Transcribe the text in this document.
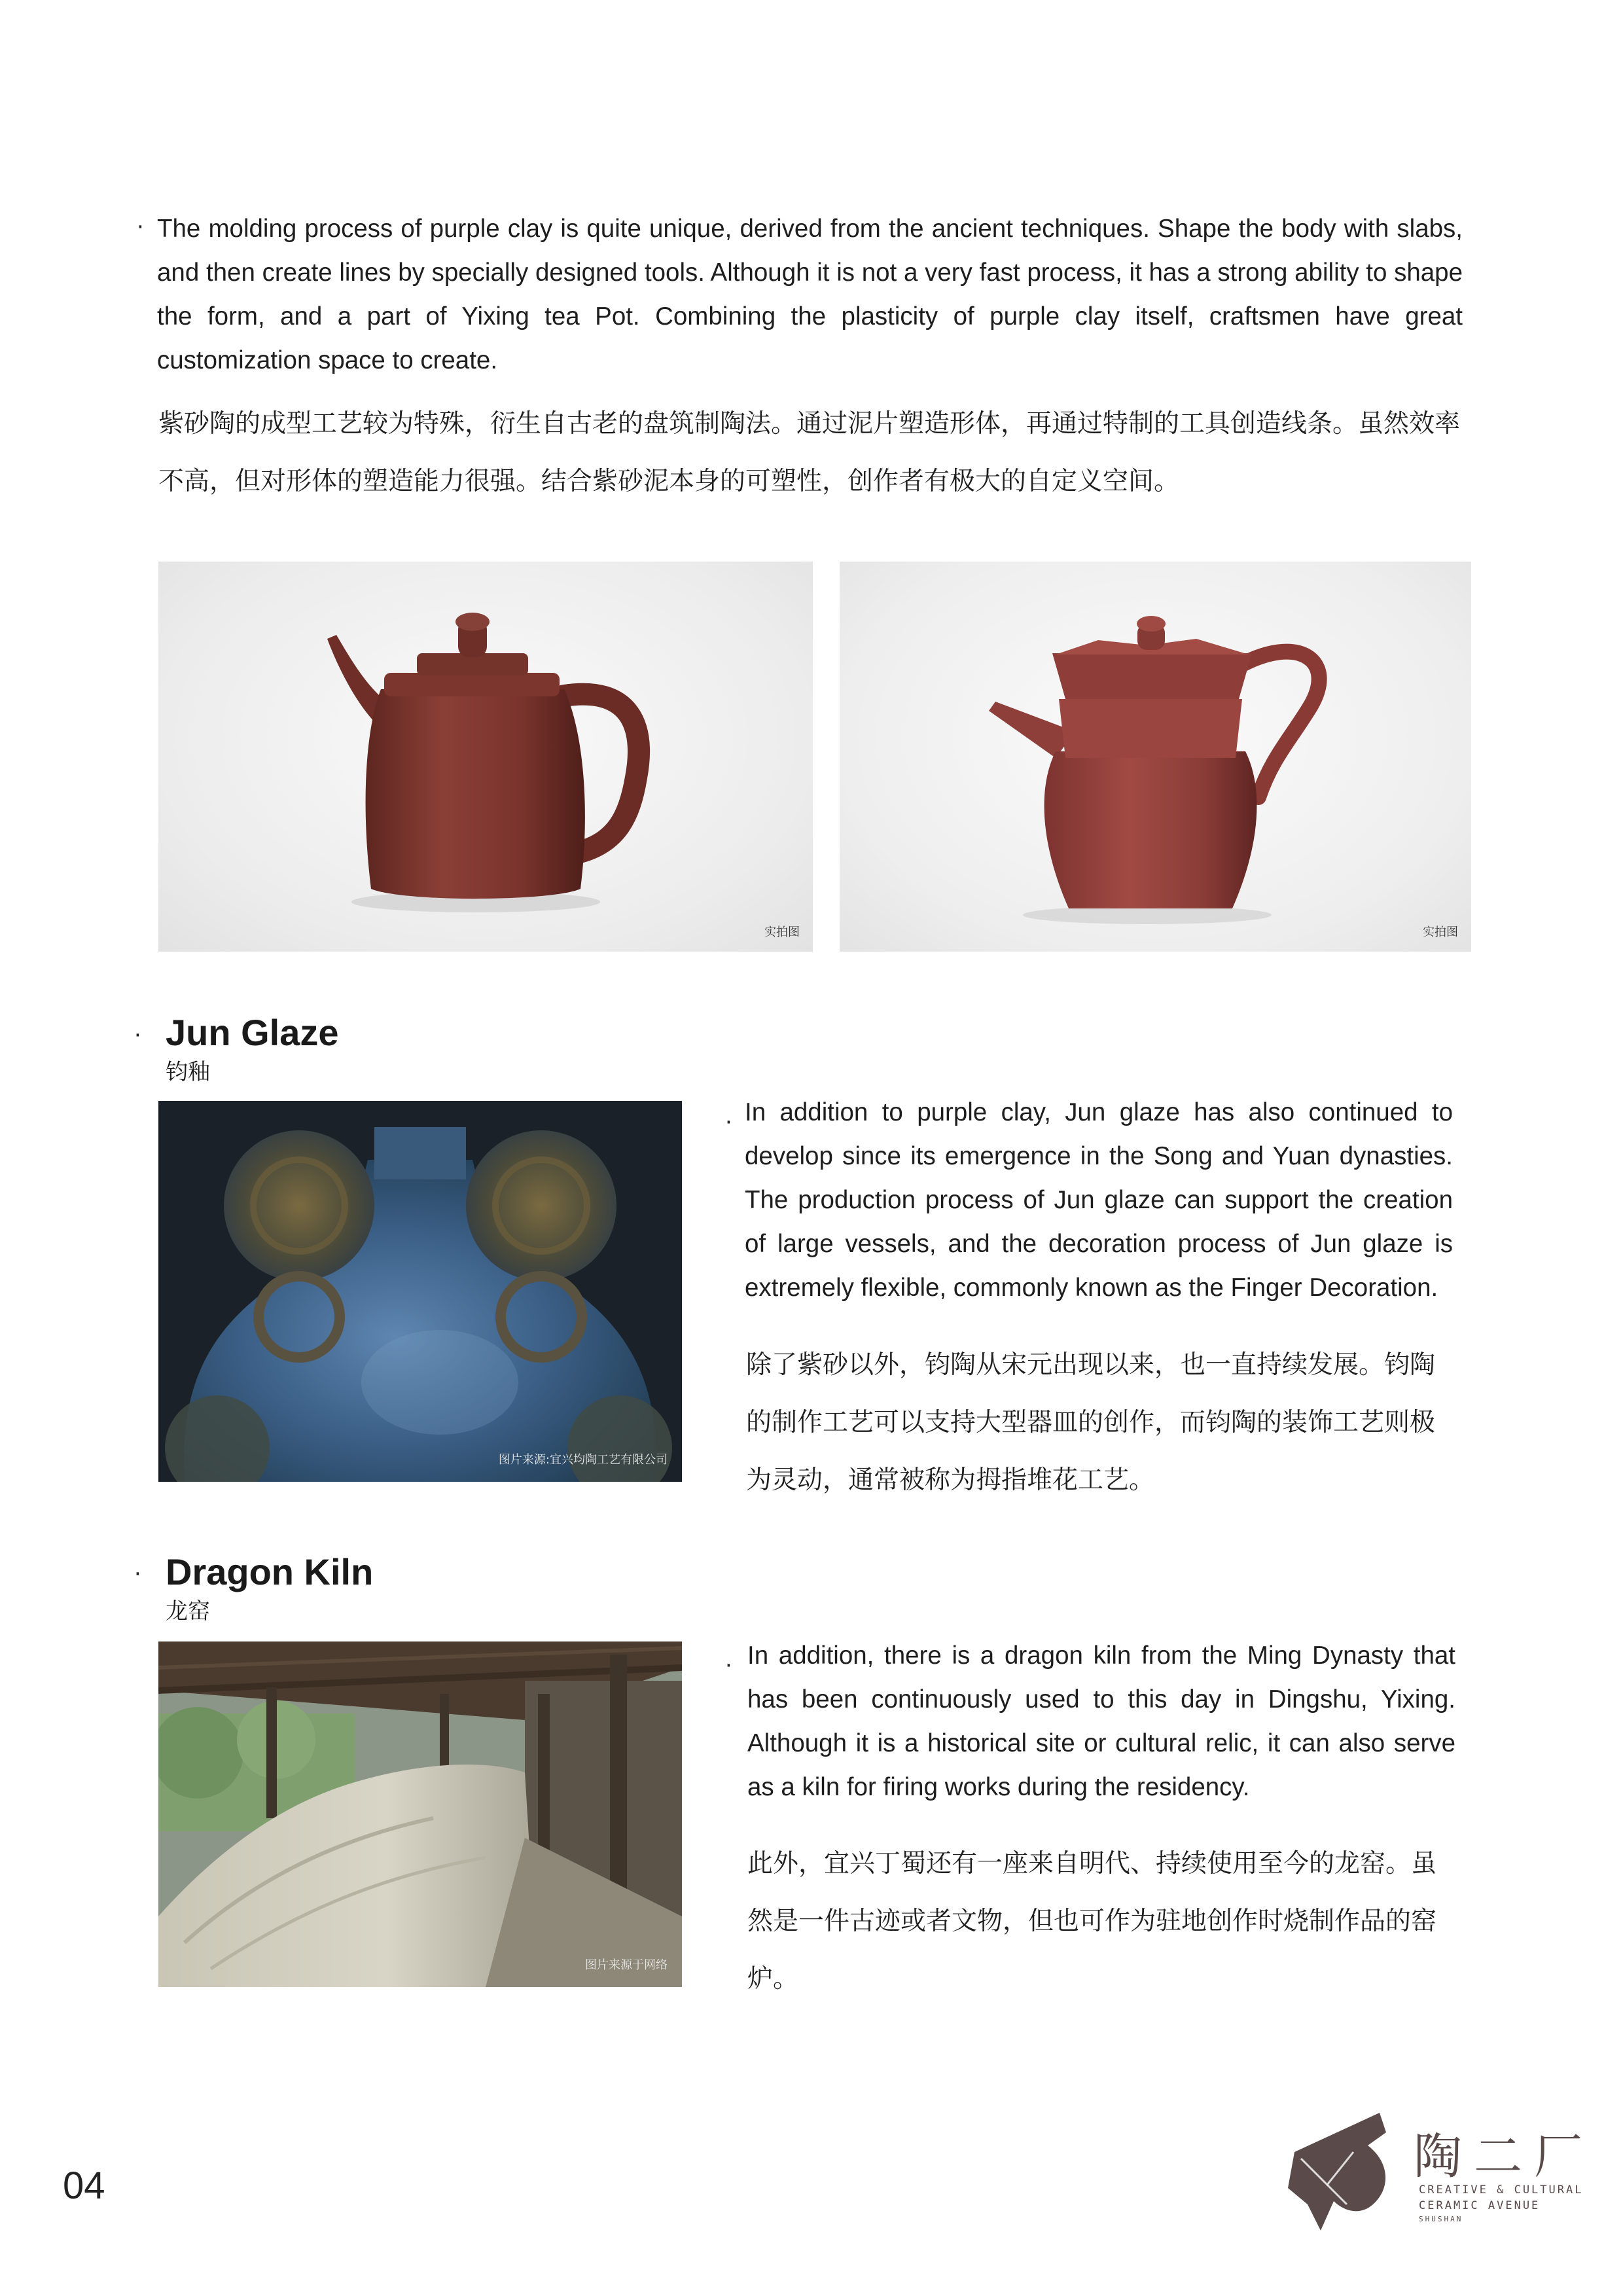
· The molding process of purple clay is quite unique, derived from the ancient techniques. Shape the body with slabs, and then create lines by specially designed tools. Although it is not a very fast process, it has a strong ability to shape the form, and a part of Yixing tea Pot. Combining the plasticity of purple clay itself, craftsmen have great customization space to create.

紫砂陶的成型工艺较为特殊，衍生自古老的盘筑制陶法。通过泥片塑造形体，再通过特制的工具创造线条。虽然效率不高，但对形体的塑造能力很强。结合紫砂泥本身的可塑性，创作者有极大的自定义空间。

实拍图	实拍图
· Jun Glaze
钧釉
图片来源:宜兴均陶工艺有限公司
· In addition to purple clay, Jun glaze has also continued to develop since its emergence in the Song and Yuan dynasties. The production process of Jun glaze can support the creation of large vessels, and the decoration process of Jun glaze is extremely flexible, commonly known as the Finger Decoration.

除了紫砂以外，钧陶从宋元出现以来，也一直持续发展。钧陶的制作工艺可以支持大型器皿的创作，而钧陶的装饰工艺则极为灵动，通常被称为拇指堆花工艺。

· Dragon Kiln
龙窑
图片来源于网络
· In addition, there is a dragon kiln from the Ming Dynasty that has been continuously used to this day in Dingshu, Yixing. Although it is a historical site or cultural relic, it can also serve as a kiln for firing works during the residency.

此外，宜兴丁蜀还有一座来自明代、持续使用至今的龙窑。虽然是一件古迹或者文物，但也可作为驻地创作时烧制作品的窑炉。

04
陶二厂
CREATIVE & CULTURAL
CERAMIC AVENUE
SHUSHAN
